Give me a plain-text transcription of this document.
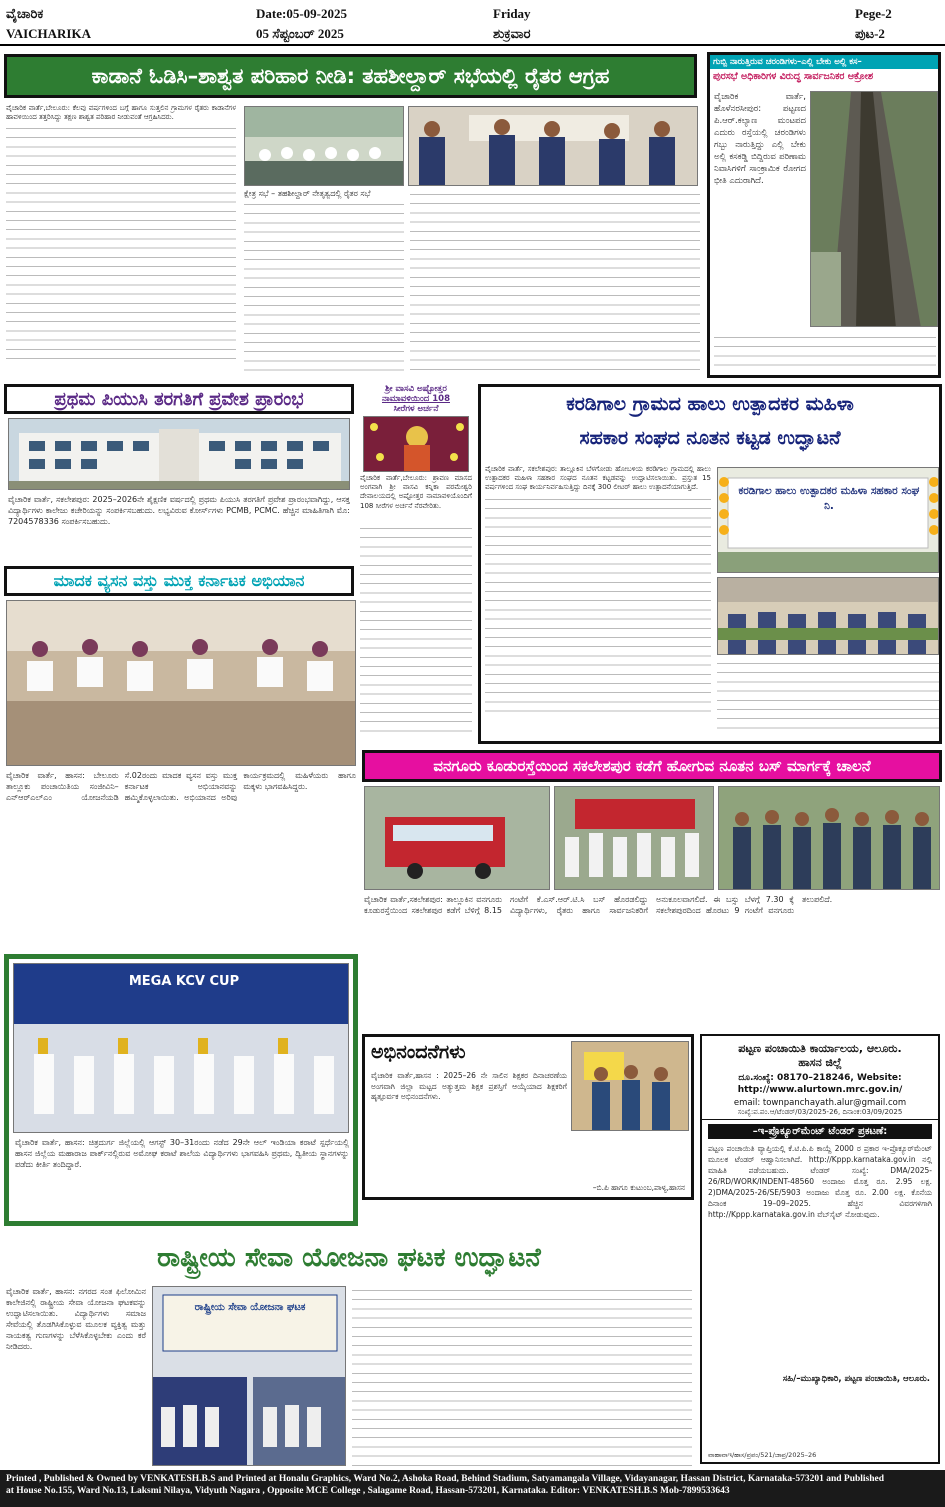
ವೈಚಾರಿಕ
VAICHARIKA
Date:05-09-2025
05 ಸೆಪ್ಟಂಬರ್ 2025
Friday
ಶುಕ್ರವಾರ
Pege-2
ಪುಟ-2
ಕಾಡಾನೆ ಓಡಿಸಿ–ಶಾಶ್ವತ ಪರಿಹಾರ ನೀಡಿ: ತಹಶೀಲ್ದಾರ್ ಸಭೆಯಲ್ಲಿ ರೈತರ ಆಗ್ರಹ
ವೈಚಾರಿಕ ವಾರ್ತೆ,ಬೇಲೂರು: ಕೆಲವು ವರ್ಷಗಳಿಂದ ಬಗ್ಗೆ ಹಾಗೂ ಸುತ್ತಲಿನ ಗ್ರಾಮಗಳ ರೈತರು ಕಾಡಾನೆಗಳ ಹಾವಳಿಯಿಂದ ತತ್ತರಿಸಿದ್ದು ತಕ್ಷಣ ಶಾಶ್ವತ ಪರಿಹಾರ ನೀಡುವಂತೆ ಆಗ್ರಹಿಸಿದರು.
ಕ್ಷೇತ್ರ ಸಭೆ – ತಹಶೀಲ್ದಾರ್ ನೇತೃತ್ವದಲ್ಲಿ ರೈತರ ಸಭೆ
ಗುಬ್ಬಿ ನಾರುತ್ತಿರುವ ಚರಂಡಿಗಳು–ಎಲ್ಲಿ ಬೇಕು ಅಲ್ಲಿ ಕಸ–
ಪುರಸಭೆ ಅಧಿಕಾರಿಗಳ ವಿರುದ್ಧ ಸಾರ್ವಜನಿಕರ ಆಕ್ರೋಶ
ವೈಚಾರಿಕ ವಾರ್ತೆ, ಹೊಳೆನರಸೀಪುರ: ಪಟ್ಟಣದ ಪಿ.ಆರ್.ಕಲ್ಯಾಣ ಮಂಟಪದ ಎದುರು ರಸ್ತೆಯಲ್ಲಿ ಚರಂಡಿಗಳು ಗಬ್ಬು ನಾರುತ್ತಿದ್ದು ಎಲ್ಲಿ ಬೇಕು ಅಲ್ಲಿ ಕಸಕಡ್ಡಿ ಬಿದ್ದಿರುವ ಪರಿಣಾಮ ನಿವಾಸಿಗಳಿಗೆ ಸಾಂಕ್ರಾಮಿಕ ರೋಗದ ಭೀತಿ ಎದುರಾಗಿದೆ.
ಪ್ರಥಮ ಪಿಯುಸಿ ತರಗತಿಗೆ ಪ್ರವೇಶ ಪ್ರಾರಂಭ
ವೈಚಾರಿಕ ವಾರ್ತೆ, ಸಕಲೇಶಪುರ: 2025–2026ನೇ ಶೈಕ್ಷಣಿಕ ವರ್ಷದಲ್ಲಿ ಪ್ರಥಮ ಪಿಯುಸಿ ತರಗತಿಗೆ ಪ್ರವೇಶ ಪ್ರಾರಂಭವಾಗಿದ್ದು, ಆಸಕ್ತ ವಿದ್ಯಾರ್ಥಿಗಳು ಕಾಲೇಜು ಕಚೇರಿಯನ್ನು ಸಂಪರ್ಕಿಸಬಹುದು. ಲಭ್ಯವಿರುವ ಕೋರ್ಸ್‌ಗಳು PCMB, PCMC. ಹೆಚ್ಚಿನ ಮಾಹಿತಿಗಾಗಿ ಮೊ: 7204578336 ಸಂಪರ್ಕಿಸಬಹುದು.
ಶ್ರೀ ವಾಸವಿ ಅಷ್ಟೋತ್ತರ
ನಾಮಾವಳಿಯಿಂದ 108
ಸೀರೆಗಳ ಅರ್ಚನೆ
ವೈಚಾರಿಕ ವಾರ್ತೆ,ಬೇಲೂರು: ಶ್ರಾವಣ ಮಾಸದ ಅಂಗವಾಗಿ ಶ್ರೀ ವಾಸವಿ ಕನ್ನಿಕಾ ಪರಮೇಶ್ವರಿ ದೇವಾಲಯದಲ್ಲಿ ಅಷ್ಟೋತ್ತರ ನಾಮಾವಳಿಯೊಂದಿಗೆ 108 ಸೀರೆಗಳ ಅರ್ಚನೆ ನೆರವೇರಿತು.
ಕರಡಿಗಾಲ ಗ್ರಾಮದ ಹಾಲು ಉತ್ಪಾದಕರ ಮಹಿಳಾ
ಸಹಕಾರ ಸಂಘದ ನೂತನ ಕಟ್ಟಡ ಉದ್ಘಾಟನೆ
ವೈಚಾರಿಕ ವಾರ್ತೆ, ಸಕಲೇಶಪುರ: ತಾಲ್ಲೂಕಿನ ಬೆಳಗೋಡು ಹೋಬಳಿಯ ಕರಡಿಗಾಲ ಗ್ರಾಮದಲ್ಲಿ ಹಾಲು ಉತ್ಪಾದಕರ ಮಹಿಳಾ ಸಹಕಾರ ಸಂಘದ ನೂತನ ಕಟ್ಟಡವನ್ನು ಉದ್ಘಾಟಿಸಲಾಯಿತು. ಪ್ರಸ್ತುತ 15 ವರ್ಷಗಳಿಂದ ಸಂಘ ಕಾರ್ಯನಿರ್ವಹಿಸುತ್ತಿದ್ದು ದಿನಕ್ಕೆ 300 ಲೀಟರ್ ಹಾಲು ಉತ್ಪಾದನೆಯಾಗುತ್ತಿದೆ.	ಕರಡಿಗಾಲ ಹಾಲು ಉತ್ಪಾದಕರ ಮಹಿಳಾ ಸಹಕಾರ ಸಂಘ ನಿ.
ಮಾದಕ ವ್ಯಸನ ವಸ್ತು ಮುಕ್ತ ಕರ್ನಾಟಕ ಅಭಿಯಾನ
ವೈಚಾರಿಕ ವಾರ್ತೆ, ಹಾಸನ: ಬೇಲೂರು ತಾಲ್ಲೂಕು ಪಂಚಾಯಿತಿಯ ಸಂಜೀವಿನಿ–ಎನ್‌ಆರ್‌ಎಲ್‌ಎಂ ಯೋಜನೆಯಡಿ ಸೆ.02ರಂದು ಮಾದಕ ವ್ಯಸನ ವಸ್ತು ಮುಕ್ತ ಕರ್ನಾಟಕ ಅಭಿಯಾನವನ್ನು ಹಮ್ಮಿಕೊಳ್ಳಲಾಯಿತು. ಅಭಿಯಾನದ ಅರಿವು ಕಾರ್ಯಕ್ರಮದಲ್ಲಿ ಮಹಿಳೆಯರು ಹಾಗೂ ಮಕ್ಕಳು ಭಾಗವಹಿಸಿದ್ದರು.
ವನಗೂರು ಕೂಡುರಸ್ತೆಯಿಂದ ಸಕಲೇಶಪುರ ಕಡೆಗೆ ಹೋಗುವ ನೂತನ ಬಸ್ ಮಾರ್ಗಕ್ಕೆ ಚಾಲನೆ
ವೈಚಾರಿಕ ವಾರ್ತೆ,ಸಕಲೇಶಪುರ: ತಾಲ್ಲೂಕಿನ ವನಗೂರು ಕೂಡುರಸ್ತೆಯಿಂದ ಸಕಲೇಶಪುರ ಕಡೆಗೆ ಬೆಳಿಗ್ಗೆ 8.15 ಗಂಟೆಗೆ ಕೆ.ಎಸ್.ಆರ್.ಟಿ.ಸಿ ಬಸ್ ಹೊರಡಲಿದ್ದು ವಿದ್ಯಾರ್ಥಿಗಳು, ರೈತರು ಹಾಗೂ ಸಾರ್ವಜನಿಕರಿಗೆ ಅನುಕೂಲವಾಗಲಿದೆ. ಈ ಬಸ್ಸು ಬೆಳಗ್ಗೆ 7.30 ಕ್ಕೆ ಸಕಲೇಶಪುರದಿಂದ ಹೊರಟು 9 ಗಂಟೆಗೆ ವನಗೂರು ತಲುಪಲಿದೆ.
MEGA KCV CUP
ವೈಚಾರಿಕ ವಾರ್ತೆ, ಹಾಸನ: ಚಿತ್ರದುರ್ಗ ಜಿಲ್ಲೆಯಲ್ಲಿ ಆಗಸ್ಟ್ 30–31ರಂದು ನಡೆದ 29ನೇ ಆಲ್ ಇಂಡಿಯಾ ಕರಾಟೆ ಸ್ಪರ್ಧೆಯಲ್ಲಿ ಹಾಸನ ಜಿಲ್ಲೆಯ ಮಹಾರಾಜ ಪಾರ್ಕ್‌ನಲ್ಲಿರುವ ಅಮೋಘ ಕರಾಟೆ ಶಾಲೆಯ ವಿದ್ಯಾರ್ಥಿಗಳು ಭಾಗವಹಿಸಿ ಪ್ರಥಮ, ದ್ವಿತೀಯ ಸ್ಥಾನಗಳನ್ನು ಪಡೆದು ಕೀರ್ತಿ ತಂದಿದ್ದಾರೆ.
ಅಭಿನಂದನೆಗಳು
ವೈಚಾರಿಕ ವಾರ್ತೆ,ಹಾಸನ : 2025–26 ನೇ ಸಾಲಿನ ಶಿಕ್ಷಕರ ದಿನಾಚರಣೆಯ ಅಂಗವಾಗಿ ಜಿಲ್ಲಾ ಮಟ್ಟದ ಅತ್ಯುತ್ತಮ ಶಿಕ್ಷಕ ಪ್ರಶಸ್ತಿಗೆ ಆಯ್ಕೆಯಾದ ಶಿಕ್ಷಕರಿಗೆ ಹೃತ್ಪೂರ್ವಕ ಅಭಿನಂದನೆಗಳು.
–ಬಿ.ಪಿ ಹಾಗೂ ಕುಟುಂಬ,ಪಾಳ್ಯ,ಹಾಸನ
ಪಟ್ಟಣ ಪಂಚಾಯಿತಿ ಕಾರ್ಯಾಲಯ, ಆಲೂರು.
ಹಾಸನ ಜಿಲ್ಲೆ
ದೂ.ಸಂಖ್ಯೆ: 08170–218246, Website: http://www.alurtown.mrc.gov.in/
email: townpanchayath.alur@gmail.com
ಸಂಖ್ಯೆ:ಪ.ಪಂ.ಆ/ಟೆಂಡರ್/03/2025-26, ದಿನಾಂಕ:03/09/2025
–ಇ-ಪ್ರೊಕ್ಯೂರ್‌ಮೆಂಟ್ ಟೆಂಡರ್ ಪ್ರಕಟಣೆ:
ಪಟ್ಟಣ ಪಂಚಾಯಿತಿ ವ್ಯಾಪ್ತಿಯಲ್ಲಿ ಕೆ.ಟಿ.ಪಿ.ಪಿ ಕಾಯ್ದೆ 2000 ರ ಪ್ರಕಾರ ಇ-ಪ್ರೊಕ್ಯೂರ್‌ಮೆಂಟ್ ಮೂಲಕ ಟೆಂಡರ್ ಆಹ್ವಾನಿಸಲಾಗಿದೆ. http://Kppp.karnataka.gov.in ನಲ್ಲಿ ಮಾಹಿತಿ ಪಡೆಯಬಹುದು. ಟೆಂಡರ್ ಸಂಖ್ಯೆ: DMA/2025-26/RD/WORK/INDENT-48560 ಅಂದಾಜು ಮೊತ್ತ ರೂ. 2.95 ಲಕ್ಷ. 2)DMA/2025-26/SE/5903 ಅಂದಾಜು ಮೊತ್ತ ರೂ. 2.00 ಲಕ್ಷ. ಕೊನೆಯ ದಿನಾಂಕ 19–09–2025. ಹೆಚ್ಚಿನ ವಿವರಗಳಿಗಾಗಿ http://Kppp.karnataka.gov.in ವೆಬ್‌ಸೈಟ್ ನೋಡುವುದು.
ಸಹಿ/–ಮುಖ್ಯಾಧಿಕಾರಿ, ಪಟ್ಟಣ ಪಂಚಾಯಿತಿ, ಆಲೂರು.
ವಾಹಾವಾಇ/ಹಾಸ/ಪ್ರಪಂ/521/ಜಾಪ್ರ/2025–26
ರಾಷ್ಟ್ರೀಯ ಸೇವಾ ಯೋಜನಾ ಘಟಕ ಉದ್ಘಾಟನೆ
ವೈಚಾರಿಕ ವಾರ್ತೆ, ಹಾಸನ: ನಗರದ ಸಂತ ಫಿಲೋಮಿನ ಕಾಲೇಜಿನಲ್ಲಿ ರಾಷ್ಟ್ರೀಯ ಸೇವಾ ಯೋಜನಾ ಘಟಕವನ್ನು ಉದ್ಘಾಟಿಸಲಾಯಿತು. ವಿದ್ಯಾರ್ಥಿಗಳು ಸಮಾಜ ಸೇವೆಯಲ್ಲಿ ತೊಡಗಿಸಿಕೊಳ್ಳುವ ಮೂಲಕ ವ್ಯಕ್ತಿತ್ವ ಮತ್ತು ನಾಯಕತ್ವ ಗುಣಗಳನ್ನು ಬೆಳೆಸಿಕೊಳ್ಳಬೇಕು ಎಂದು ಕರೆ ನೀಡಿದರು.
ರಾಷ್ಟ್ರೀಯ ಸೇವಾ ಯೋಜನಾ ಘಟಕ
Printed , Published & Owned by VENKATESH.B.S and Printed at Honalu Graphics, Ward No.2, Ashoka Road, Behind Stadium, Satyamangala Village, Vidayanagar, Hassan District, Karnataka-573201 and Published
at House No.155, Ward No.13, Laksmi Nilaya, Vidyuth Nagara , Opposite MCE College , Salagame Road, Hassan-573201, Karnataka. Editor: VENKATESH.B.S Mob-7899533643
